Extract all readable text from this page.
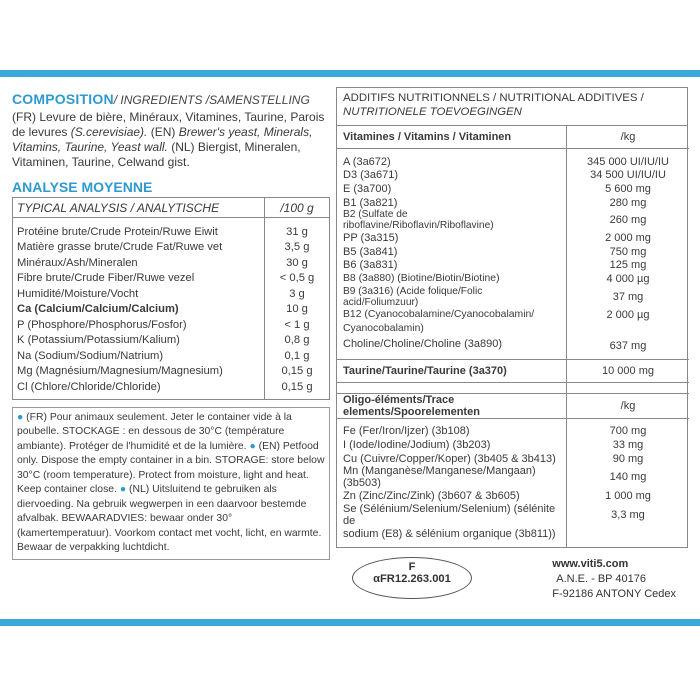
COMPOSITION/ INGREDIENTS /SAMENSTELLING
(FR) Levure de bière, Minéraux, Vitamines, Taurine, Parois de levures (S.cerevisiae). (EN) Brewer's yeast, Minerals, Vitamins, Taurine, Yeast wall. (NL) Biergist, Mineralen, Vitaminen, Taurine, Celwand gist.
ANALYSE MOYENNE
TYPICAL ANALYSIS / ANALYTISCHE	/100 g
Protéine brute/Crude Protein/Ruwe Eiwit	31 g
Matière grasse brute/Crude Fat/Ruwe vet	3,5 g
Minéraux/Ash/Mineralen	30 g
Fibre brute/Crude Fiber/Ruwe vezel	< 0,5 g
Humidité/Moisture/Vocht	3 g
Ca (Calcium/Calcium/Calcium)	10 g
P (Phosphore/Phosphorus/Fosfor)	< 1 g
K (Potassium/Potassium/Kalium)	0,8 g
Na (Sodium/Sodium/Natrium)	0,1 g
Mg (Magnésium/Magnesium/Magnesium)	0,15 g
Cl (Chlore/Chloride/Chloride)	0,15 g
● (FR) Pour animaux seulement. Jeter le container vide à la poubelle. STOCKAGE : en dessous de 30°C (température ambiante). Protéger de l'humidité et de la lumière. ● (EN) Petfood only. Dispose the empty container in a bin. STORAGE: store below 30°C (room temperature). Protect from moisture, light and heat. Keep container close. ● (NL) Uitsluitend te gebruiken als diervoeding. Na gebruik wegwerpen in een daarvoor bestemde afvalbak. BEWAARADVIES: bewaar onder 30° (kamertemperatuur). Voorkom contact met vocht, licht, en warmte. Bewaar de verpakking luchtdicht.
ADDITIFS NUTRITIONNELS / NUTRITIONAL ADDITIVES /
NUTRITIONELE TOEVOEGINGEN
Vitamines / Vitamins / Vitaminen	/kg

A (3a672)	345 000 UI/IU/IU
D3 (3a671)	34 500 UI/IU/IU
E (3a700)	5 600 mg
B1 (3a821)	280 mg
B2 (Sulfate de riboflavine/Riboflavin/Riboflavine)	260 mg
PP (3a315)	2 000 mg
B5 (3a841)	750 mg
B6 (3a831)	125 mg
B8 (3a880) (Biotine/Biotin/Biotine)	4 000 µg
B9 (3a316) (Acide folique/Folic acid/Foliumzuur)	37 mg
B12 (Cyanocobalamine/Cyanocobalamin/	2 000 µg
Cyanocobalamin)	
Choline/Choline/Choline (3a890)	637 mg

Taurine/Taurine/Taurine (3a370)	10 000 mg

Oligo-éléments/Trace elements/Spoorelementen	/kg

Fe (Fer/Iron/Ijzer) (3b108)	700 mg
I (Iode/Iodine/Jodium) (3b203)	33 mg
Cu (Cuivre/Copper/Koper) (3b405 & 3b413)	90 mg
Mn (Manganèse/Manganese/Mangaan) (3b503)	140 mg
Zn (Zinc/Zinc/Zink) (3b607 & 3b605)	1 000 mg
Se (Sélénium/Selenium/Selenium) (sélénite de	3,3 mg
sodium (E8) & sélénium organique (3b811))	

F
αFR12.263.001
www.viti5.com
A.N.E. - BP 40176
F-92186 ANTONY Cedex
